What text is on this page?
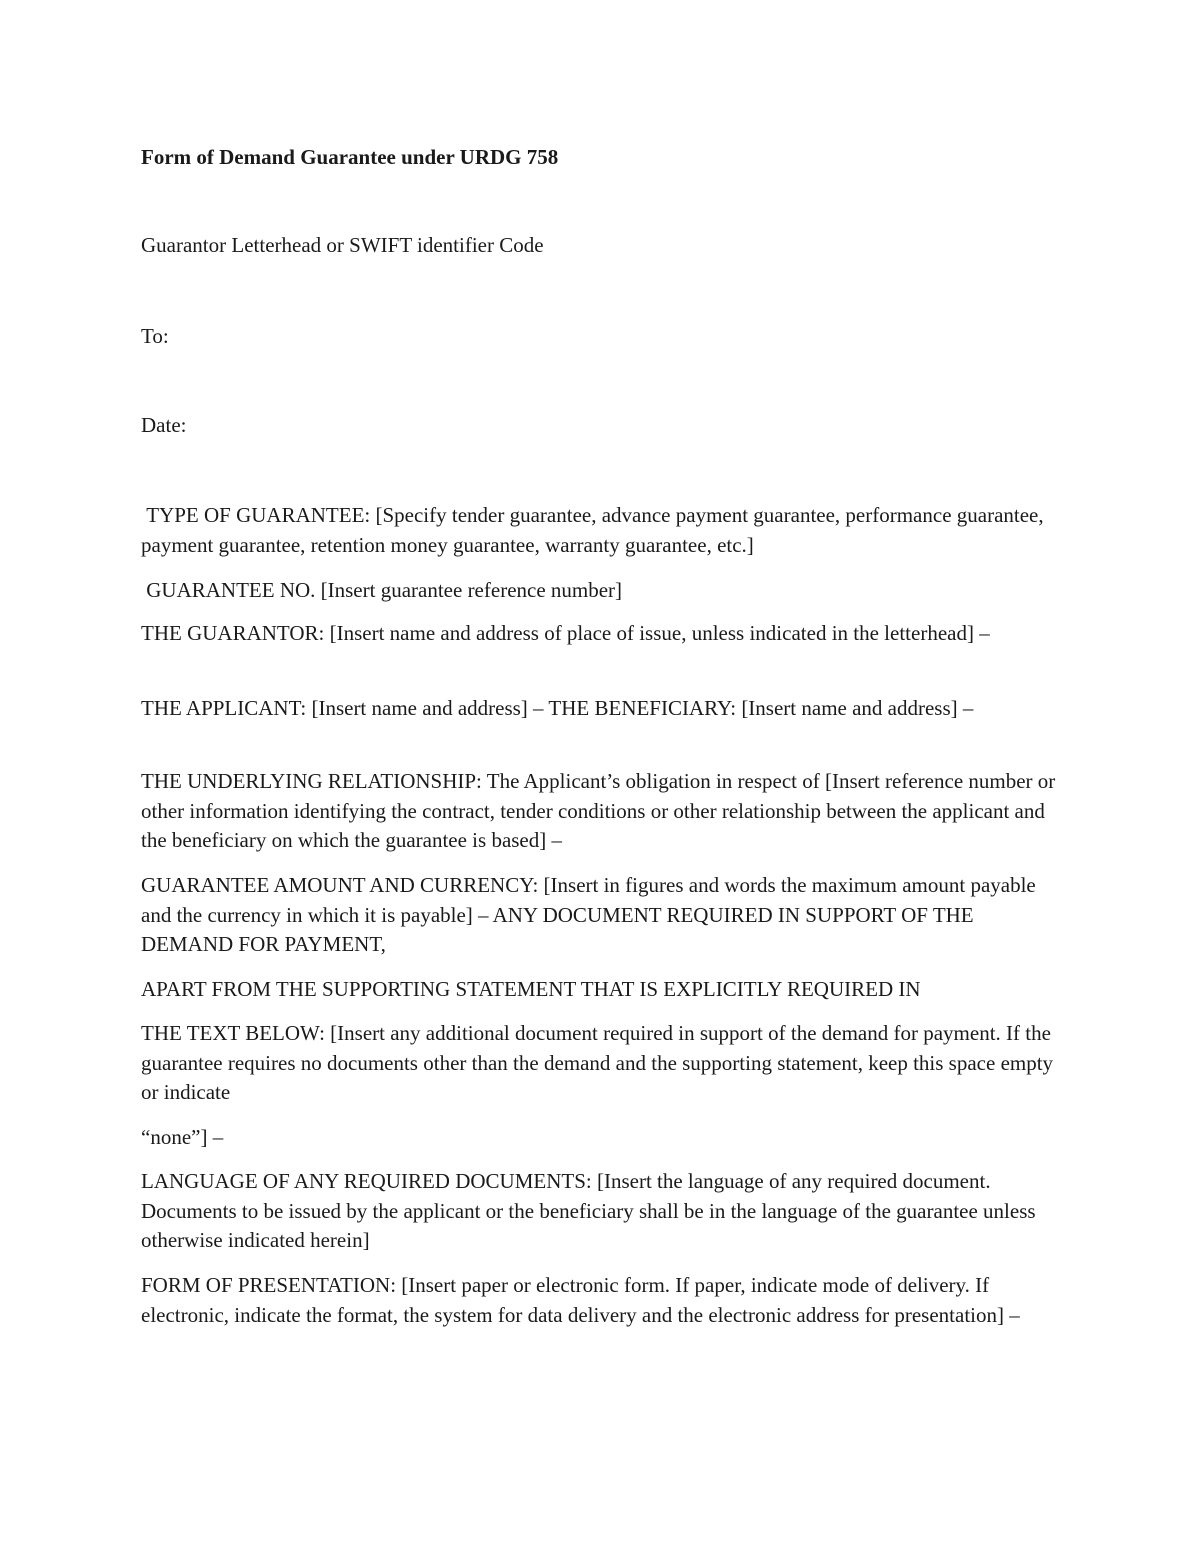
Form of Demand Guarantee under URDG 758
Guarantor Letterhead or SWIFT identifier Code
To:
Date:
TYPE OF GUARANTEE: [Specify tender guarantee, advance payment guarantee, performance guarantee, payment guarantee, retention money guarantee, warranty guarantee, etc.]
GUARANTEE NO. [Insert guarantee reference number]
THE GUARANTOR: [Insert name and address of place of issue, unless indicated in the letterhead] –
THE APPLICANT: [Insert name and address] – THE BENEFICIARY: [Insert name and address] –
THE UNDERLYING RELATIONSHIP: The Applicant’s obligation in respect of [Insert reference number or other information identifying the contract, tender conditions or other relationship between the applicant and the beneficiary on which the guarantee is based] –
GUARANTEE AMOUNT AND CURRENCY: [Insert in figures and words the maximum amount payable and the currency in which it is payable] – ANY DOCUMENT REQUIRED IN SUPPORT OF THE DEMAND FOR PAYMENT,
APART FROM THE SUPPORTING STATEMENT THAT IS EXPLICITLY REQUIRED IN
THE TEXT BELOW: [Insert any additional document required in support of the demand for payment. If the guarantee requires no documents other than the demand and the supporting statement, keep this space empty or indicate
“none”] –
LANGUAGE OF ANY REQUIRED DOCUMENTS: [Insert the language of any required document. Documents to be issued by the applicant or the beneficiary shall be in the language of the guarantee unless otherwise indicated herein]
FORM OF PRESENTATION: [Insert paper or electronic form. If paper, indicate mode of delivery. If electronic, indicate the format, the system for data delivery and the electronic address for presentation] –
